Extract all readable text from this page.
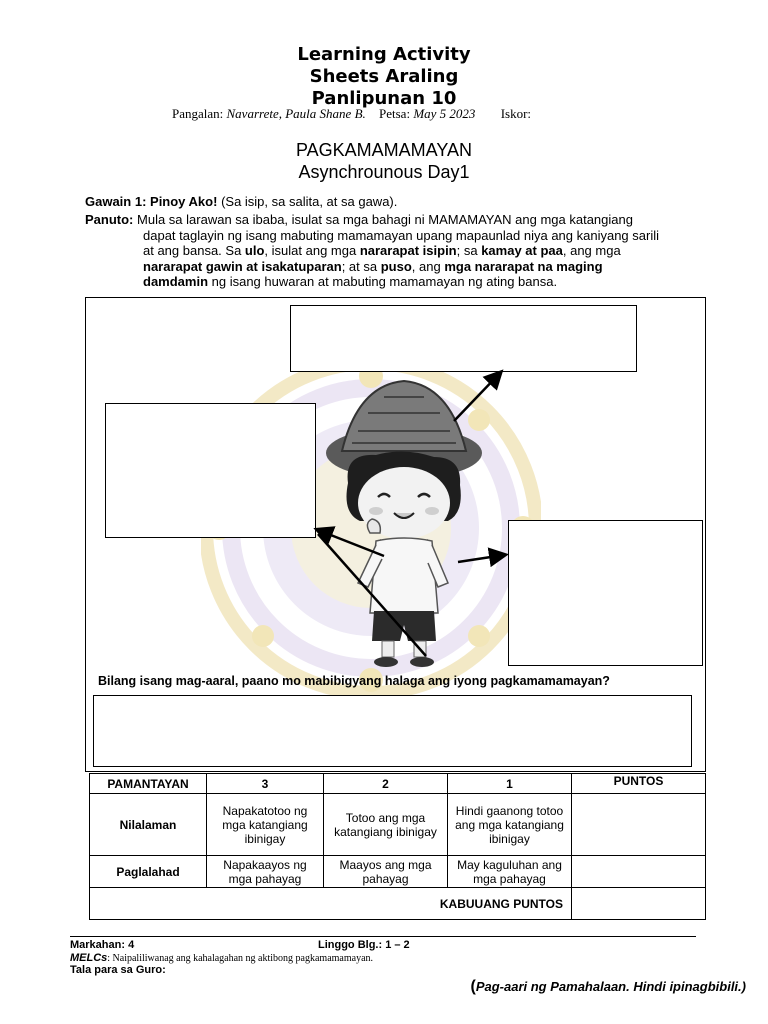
Learning Activity
Sheets Araling
Panlipunan 10
Pangalan: Navarrete, Paula Shane B. Petsa: May 5 2023 Iskor:
PAGKAMAMAMAYAN
Asynchrounous Day1
Gawain 1: Pinoy Ako! (Sa isip, sa salita, at sa gawa).
Panuto: Mula sa larawan sa ibaba, isulat sa mga bahagi ni MAMAMAYAN ang mga katangiang
dapat taglayin ng isang mabuting mamamayan upang mapaunlad niya ang kaniyang sarili
at ang bansa. Sa ulo, isulat ang mga nararapat isipin; sa kamay at paa, ang mga
nararapat gawin at isakatuparan; at sa puso, ang mga nararapat na maging
damdamin ng isang huwaran at mabuting mamamayan ng ating bansa.
Bilang isang mag-aaral, paano mo mabibigyang halaga ang iyong pagkamamamayan?
PAMANTAYAN	3	2	1	PUNTOS
Nilalaman	Napakatotoo ng mga katangiang ibinigay	Totoo ang mga katangiang ibinigay	Hindi gaanong totoo ang mga katangiang ibinigay	
Paglalahad	Napakaayos ng mga pahayag	Maayos ang mga pahayag	May kaguluhan ang mga pahayag	
KABUUANG PUNTOS				
Markahan: 4	Linggo Blg.: 1 – 2
MELCs: Naipaliliwanag ang kahalagahan ng aktibong pagkamamamayan.
Tala para sa Guro:
(Pag-aari ng Pamahalaan. Hindi ipinagbibili.)
